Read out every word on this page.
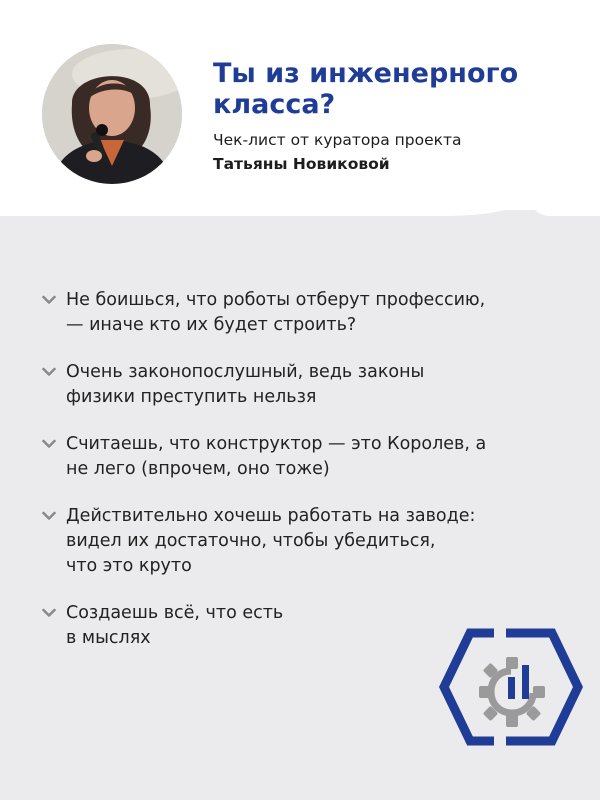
Ты из инженерного
класса?
Чек-лист от куратора проекта
Татьяны Новиковой
Не боишься, что роботы отберут профессию,
— иначе кто их будет строить?
Очень законопослушный, ведь законы
физики преступить нельзя
Считаешь, что конструктор — это Королев, а
не лего (впрочем, оно тоже)
Действительно хочешь работать на заводе:
видел их достаточно, чтобы убедиться,
что это круто
Создаешь всё, что есть
в мыслях
